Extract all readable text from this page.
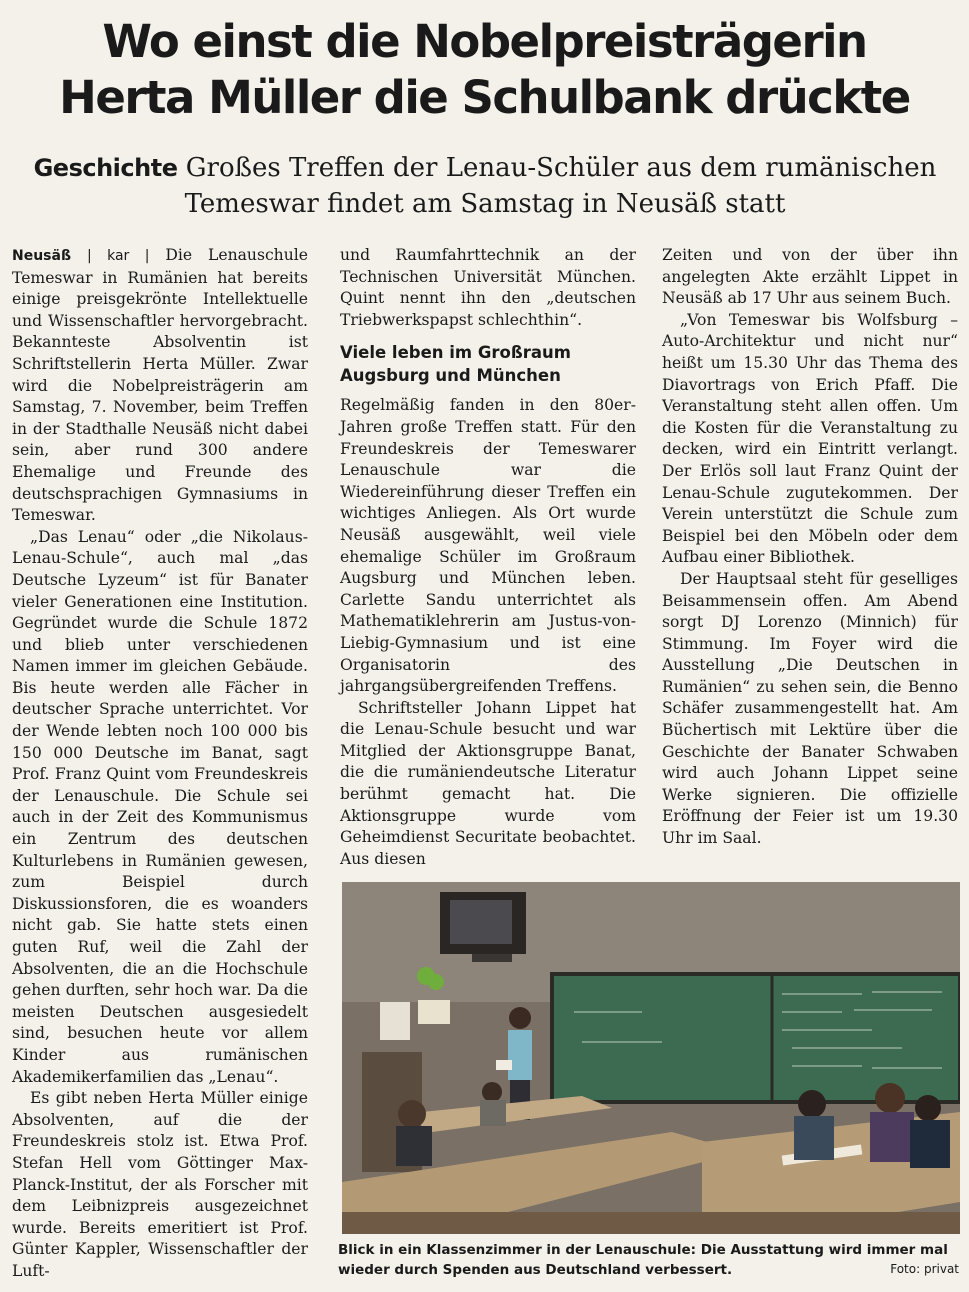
Wo einst die Nobelpreisträgerin
Herta Müller die Schulbank drückte
Geschichte Großes Treffen der Lenau-Schüler aus dem rumänischen
Temeswar findet am Samstag in Neusäß statt

Neusäß | kar | Die Lenauschule Temeswar in Rumänien hat bereits einige preisgekrönte Intellektuelle und Wissenschaftler hervorgebracht. Bekannteste Absolventin ist Schriftstellerin Herta Müller. Zwar wird die Nobelpreisträgerin am Samstag, 7. November, beim Treffen in der Stadthalle Neusäß nicht dabei sein, aber rund 300 andere Ehemalige und Freunde des deutschsprachigen Gymnasiums in Temeswar.

„Das Lenau“ oder „die Nikolaus-Lenau-Schule“, auch mal „das Deutsche Lyzeum“ ist für Banater vieler Generationen eine Institution. Gegründet wurde die Schule 1872 und blieb unter verschiedenen Namen immer im gleichen Gebäude. Bis heute werden alle Fächer in deutscher Sprache unterrichtet. Vor der Wende lebten noch 100 000 bis 150 000 Deutsche im Banat, sagt Prof. Franz Quint vom Freundeskreis der Lenauschule. Die Schule sei auch in der Zeit des Kommunismus ein Zentrum des deutschen Kulturlebens in Rumänien gewesen, zum Beispiel durch Diskussionsforen, die es woanders nicht gab. Sie hatte stets einen guten Ruf, weil die Zahl der Absolventen, die an die Hochschule gehen durften, sehr hoch war. Da die meisten Deutschen ausgesiedelt sind, besuchen heute vor allem Kinder aus rumänischen Akademikerfamilien das „Lenau“.

Es gibt neben Herta Müller einige Absolventen, auf die der Freundeskreis stolz ist. Etwa Prof. Stefan Hell vom Göttinger Max-Planck-Institut, der als Forscher mit dem Leibnizpreis ausgezeichnet wurde. Bereits emeritiert ist Prof. Günter Kappler, Wissenschaftler der Luft-

und Raumfahrttechnik an der Technischen Universität München. Quint nennt ihn den „deutschen Triebwerkspapst schlechthin“.

Viele leben im Großraum Augsburg und München

Regelmäßig fanden in den 80er-Jahren große Treffen statt. Für den Freundeskreis der Temeswarer Lenauschule war die Wiedereinführung dieser Treffen ein wichtiges Anliegen. Als Ort wurde Neusäß ausgewählt, weil viele ehemalige Schüler im Großraum Augsburg und München leben. Carlette Sandu unterrichtet als Mathematiklehrerin am Justus-von-Liebig-Gymnasium und ist eine Organisatorin des jahrgangsübergreifenden Treffens.

Schriftsteller Johann Lippet hat die Lenau-Schule besucht und war Mitglied der Aktionsgruppe Banat, die die rumäniendeutsche Literatur berühmt gemacht hat. Die Aktionsgruppe wurde vom Geheimdienst Securitate beobachtet. Aus diesen

Zeiten und von der über ihn angelegten Akte erzählt Lippet in Neusäß ab 17 Uhr aus seinem Buch.

„Von Temeswar bis Wolfsburg – Auto-Architektur und nicht nur“ heißt um 15.30 Uhr das Thema des Diavortrags von Erich Pfaff. Die Veranstaltung steht allen offen. Um die Kosten für die Veranstaltung zu decken, wird ein Eintritt verlangt. Der Erlös soll laut Franz Quint der Lenau-Schule zugutekommen. Der Verein unterstützt die Schule zum Beispiel bei den Möbeln oder dem Aufbau einer Bibliothek.

Der Hauptsaal steht für geselliges Beisammensein offen. Am Abend sorgt DJ Lorenzo (Minnich) für Stimmung. Im Foyer wird die Ausstellung „Die Deutschen in Rumänien“ zu sehen sein, die Benno Schäfer zusammengestellt hat. Am Büchertisch mit Lektüre über die Geschichte der Banater Schwaben wird auch Johann Lippet seine Werke signieren. Die offizielle Eröffnung der Feier ist um 19.30 Uhr im Saal.

Blick in ein Klassenzimmer in der Lenauschule: Die Ausstattung wird immer mal wieder durch Spenden aus Deutschland verbessert.	Foto: privat
